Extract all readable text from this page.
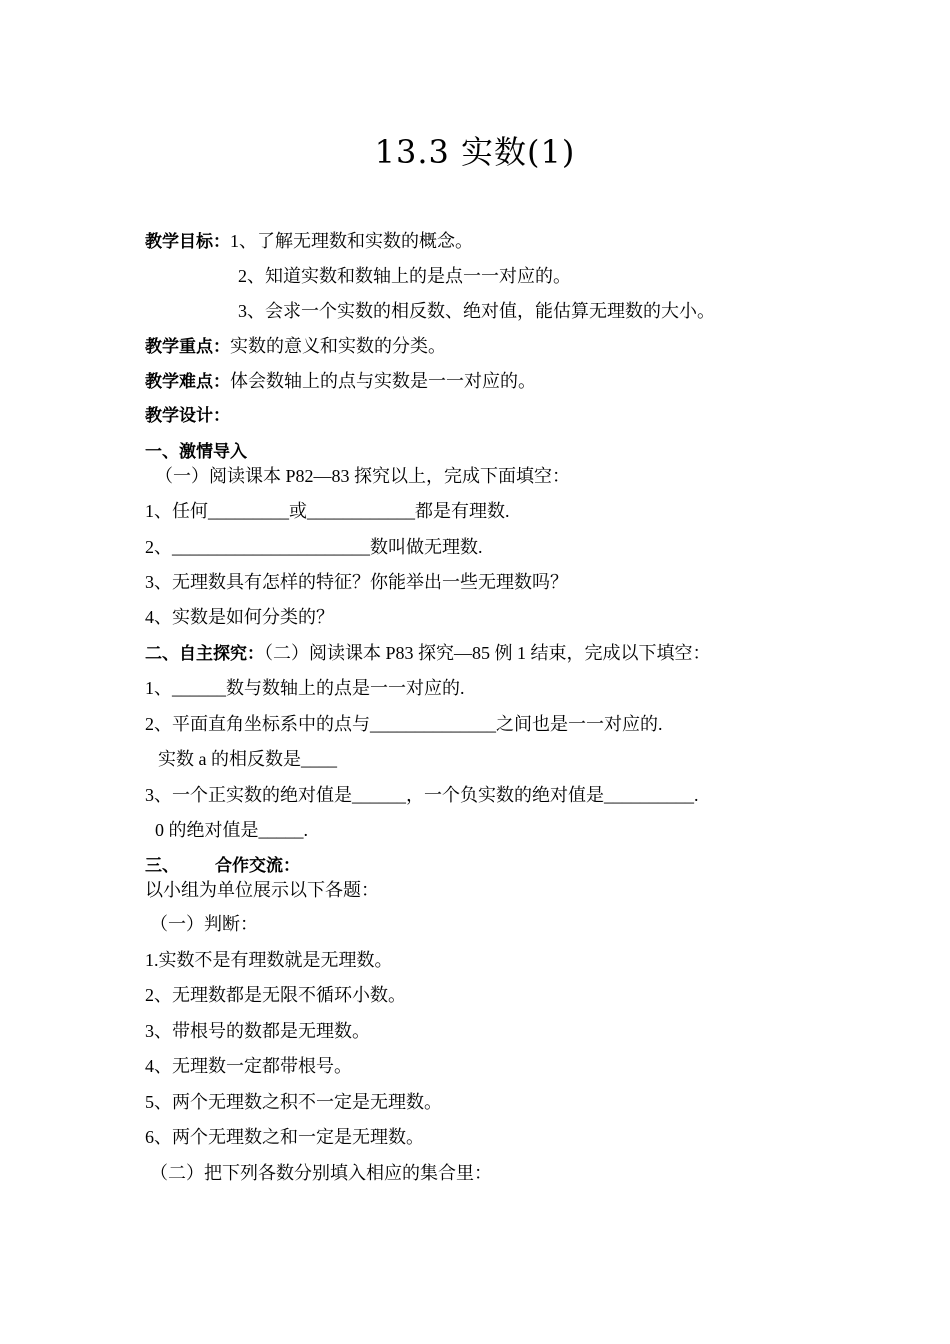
13.3 实数(1)
教学目标：1、了解无理数和实数的概念。
2、知道实数和数轴上的是点一一对应的。
3、会求一个实数的相反数、绝对值，能估算无理数的大小。
教学重点：实数的意义和实数的分类。
教学难点：体会数轴上的点与实数是一一对应的。
教学设计：
一、激情导入
（一）阅读课本 P82—83 探究以上，完成下面填空：
1、任何_________或____________都是有理数.
2、______________________数叫做无理数.
3、无理数具有怎样的特征？你能举出一些无理数吗？
4、实数是如何分类的？
二、自主探究：（二）阅读课本 P83 探究—85 例 1 结束，完成以下填空：
1、______数与数轴上的点是一一对应的.
2、平面直角坐标系中的点与______________之间也是一一对应的.
实数 a 的相反数是____
3、一个正实数的绝对值是______，一个负实数的绝对值是__________.
0 的绝对值是_____.
三、 合作交流：
以小组为单位展示以下各题：
（一）判断：
1.实数不是有理数就是无理数。
2、无理数都是无限不循环小数。
3、带根号的数都是无理数。
4、无理数一定都带根号。
5、两个无理数之积不一定是无理数。
6、两个无理数之和一定是无理数。
（二）把下列各数分别填入相应的集合里：
